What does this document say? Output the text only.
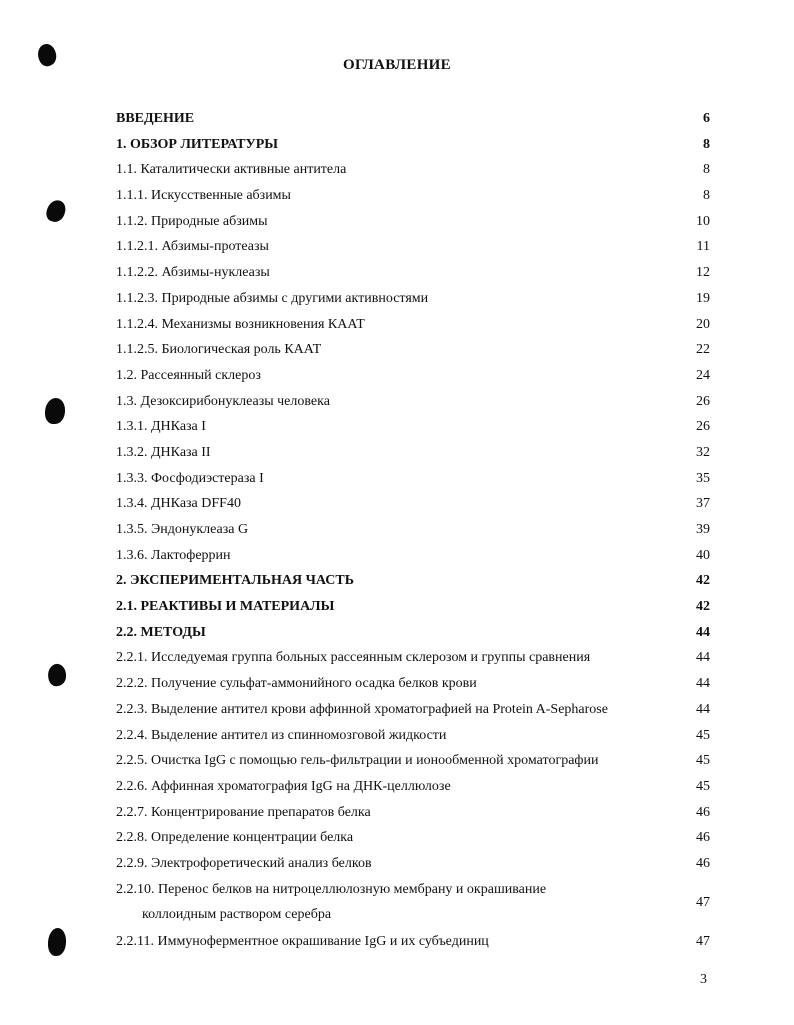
ОГЛАВЛЕНИЕ
ВВЕДЕНИЕ	6
1. ОБЗОР ЛИТЕРАТУРЫ	8
1.1. Каталитически активные антитела	8
1.1.1. Искусственные абзимы	8
1.1.2. Природные абзимы	10
1.1.2.1. Абзимы-протеазы	11
1.1.2.2. Абзимы-нуклеазы	12
1.1.2.3. Природные абзимы с другими активностями	19
1.1.2.4. Механизмы возникновения КААТ	20
1.1.2.5. Биологическая роль КААТ	22
1.2. Рассеянный склероз	24
1.3. Дезоксирибонуклеазы человека	26
1.3.1. ДНКаза I	26
1.3.2. ДНКаза II	32
1.3.3. Фосфодиэстераза I	35
1.3.4. ДНКаза DFF40	37
1.3.5. Эндонуклеаза G	39
1.3.6. Лактоферрин	40
2. ЭКСПЕРИМЕНТАЛЬНАЯ ЧАСТЬ	42
2.1. РЕАКТИВЫ И МАТЕРИАЛЫ	42
2.2. МЕТОДЫ	44
2.2.1. Исследуемая группа больных рассеянным склерозом и группы сравнения	44
2.2.2. Получение сульфат-аммонийного осадка белков крови	44
2.2.3. Выделение антител крови аффинной хроматографией на Protein A-Sepharose	44
2.2.4. Выделение антител из спинномозговой жидкости	45
2.2.5. Очистка IgG с помощью гель-фильтрации и ионообменной хроматографии	45
2.2.6. Аффинная хроматография IgG на ДНК-целлюлозе	45
2.2.7. Концентрирование препаратов белка	46
2.2.8. Определение концентрации белка	46
2.2.9. Электрофоретический анализ белков	46
2.2.10. Перенос белков на нитроцеллюлозную мембрану и окрашивание
коллоидным раствором серебра
47
2.2.11. Иммуноферментное окрашивание IgG и их субъединиц	47
3
